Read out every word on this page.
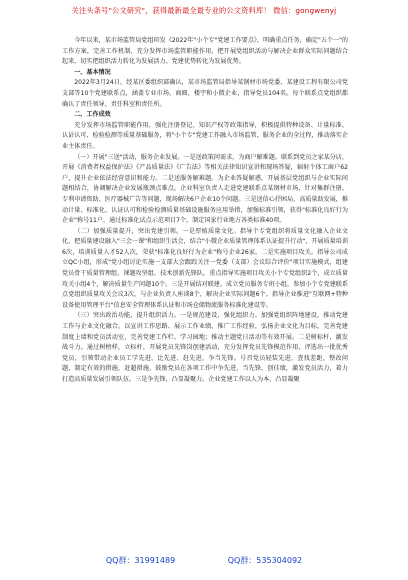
关注头条号"公文研究"，获得最新最全最专业的公文资料库！ 微信：gongwenyj

今年以来，某市场监管局党组印发《2022年"小个专"党建工作要点》，明确重点任务，确定"五个一"的工作方案，完善工作机制，充分发挥市场监管职能作用，把开展党组织活动与解决企业群众实际问题结合起来，切实把组织活力转化为发展活力、党建优势转化为发展优势。

一、基本情况

2022年3月24日，经某区委组织部确认，某市场监管局指导某钢材市场党委、某建设工程有限公司党支部等10个党建联系点，涵盖专业市场、商圈、楼宇和小微企业，指导党员104名。每个联系点党组织都确认了责任领导、责任科室和责任所。

二、工作成效

充分发挥市场监管职能作用，强化注册登记、知识产权等政策指导，积极提供特种设备、计量标准、认证认可、检验检测等质量基础服务，将"小个专"党建工作融入市场监管、服务企业的全过程，推动落实企业主体责任。

（一）开展"三送"活动，服务企业发展。一是送政策问需求，为商户解难题。联系到党员之家某分店，开展《消费者权益保护法》《产品质量法》《广告法》等相关法律知识宣讲和现场答疑，辐射个体工商户62户，提升企业依法经营意识和能力。二是送服务解难题。为企业答疑解惑，开展基层党组织与企业实际问题相结合，协调解决企业发展瓶颈点难点，企业科室负责人走进党建联系点某钢材市场，针对集群注册、专利申请资助、医疗器械广告等问题，现场解决6户企业10个问题。三是送信心抒困局，高质量助发展，推动计量、标准化、认证认可和检验检测质量基础设施服务应用举措，加强标准引领，获得"标准化良好行为企业"称号11户，通过标准化试点示范项目7个，制定国家行业地方各类标准40项。

（二）加强质量提升，突出党建引领。一是厚植质量文化。指导个专党组织将质量文化融入企业文化，把质量建设融入"三会一课"和组织生活会，结合"小微企业质量管理体系认证提升行动"，开展质量培训6次，培训质量人才52人次，荣获"标准化良好行为企业"称号企业26家。二是实施项目攻关。指导公司成立QC小组，形成"党小组讨论实施一支部大会跟踪关注一党委（支部）会议综合评价"项目实施模式，组建党员骨干质量管理组、课题攻坚组、技术创新先锋队，重点指导实施项目攻关小个专党组织2个，成立质量攻关小组4个，解决质量生产问题10个。三是开展结对联建。成立党员服务专班小组，参加小个专党建联系点党组织质量攻关会议3次，与企业负责人座谈8个，解决企业实际问题6个。指导企业推进"互联网+特种设备使用管理平台"信息安全管理体系认证和市场仓储物流服务标准化建设等。

（三）突出政治功能，提升组织活力。一是规范建设，强化组织力。加强党组织阵地建设，推动党建工作与企业文化融合，以宣讲工作思路、展示工作业绩、推广工作经验，弘扬企业文化为目标，完善党建制度上墙和党员活动室，完善党建工作栏、学习园地；推动主题党日活动等有效开展。二是树标杆，激发战斗力。通过树榜样，立标杆，开展党员先锋岗创建活动，充分发挥党员先锋模范作用，评选出一批优秀党员，引领带动企业员工学先进、比先进、赶先进，争当先锋。号召党员轻装先进，查找差距，整改问题，制定有效的措施，赶超措施，鼓励党员在各项工作中争先进，当先锋、创佳绩，激发党员活力，着力打造高质量发展引领队伍。三是争先锋，凸显凝聚力。企业党建工作以人为本，凸显凝聚

QQ群：31991489	QQ群：535304092
